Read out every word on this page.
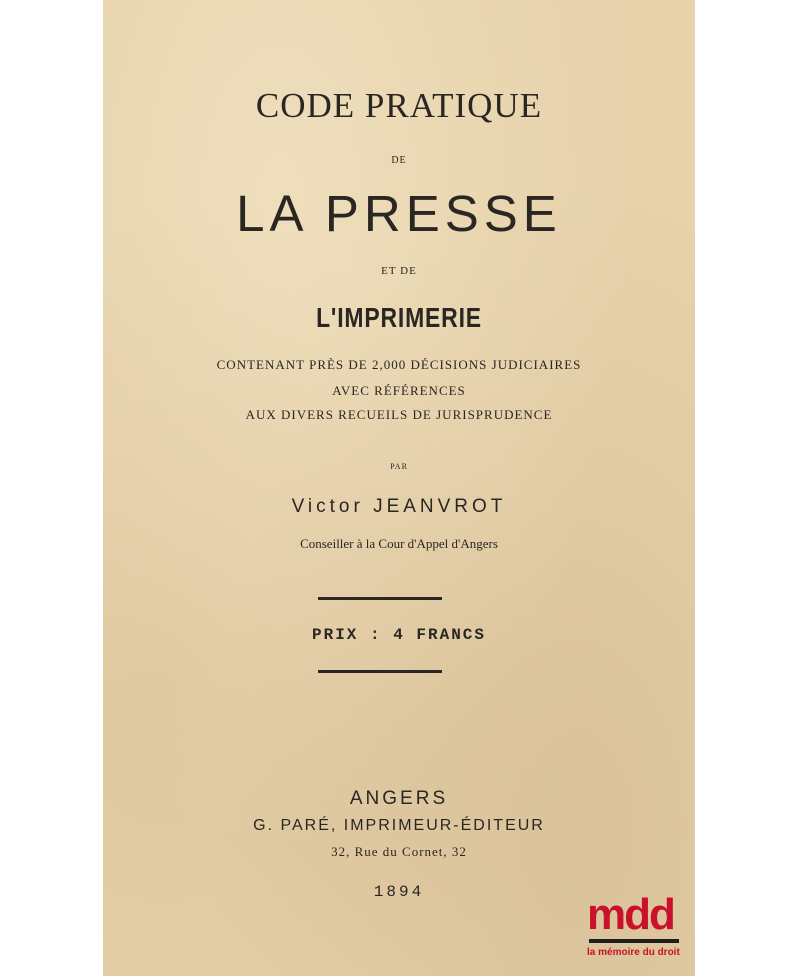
CODE PRATIQUE
DE
LA PRESSE
ET DE
L'IMPRIMERIE
CONTENANT PRÈS DE 2,000 DÉCISIONS JUDICIAIRES
AVEC RÉFÉRENCES
AUX DIVERS RECUEILS DE JURISPRUDENCE
PAR
Victor JEANVROT
Conseiller à la Cour d'Appel d'Angers
PRIX : 4 FRANCS
ANGERS
G. PARÉ, IMPRIMEUR-ÉDITEUR
32, Rue du Cornet, 32
1894	mdd
la mémoire du droit
